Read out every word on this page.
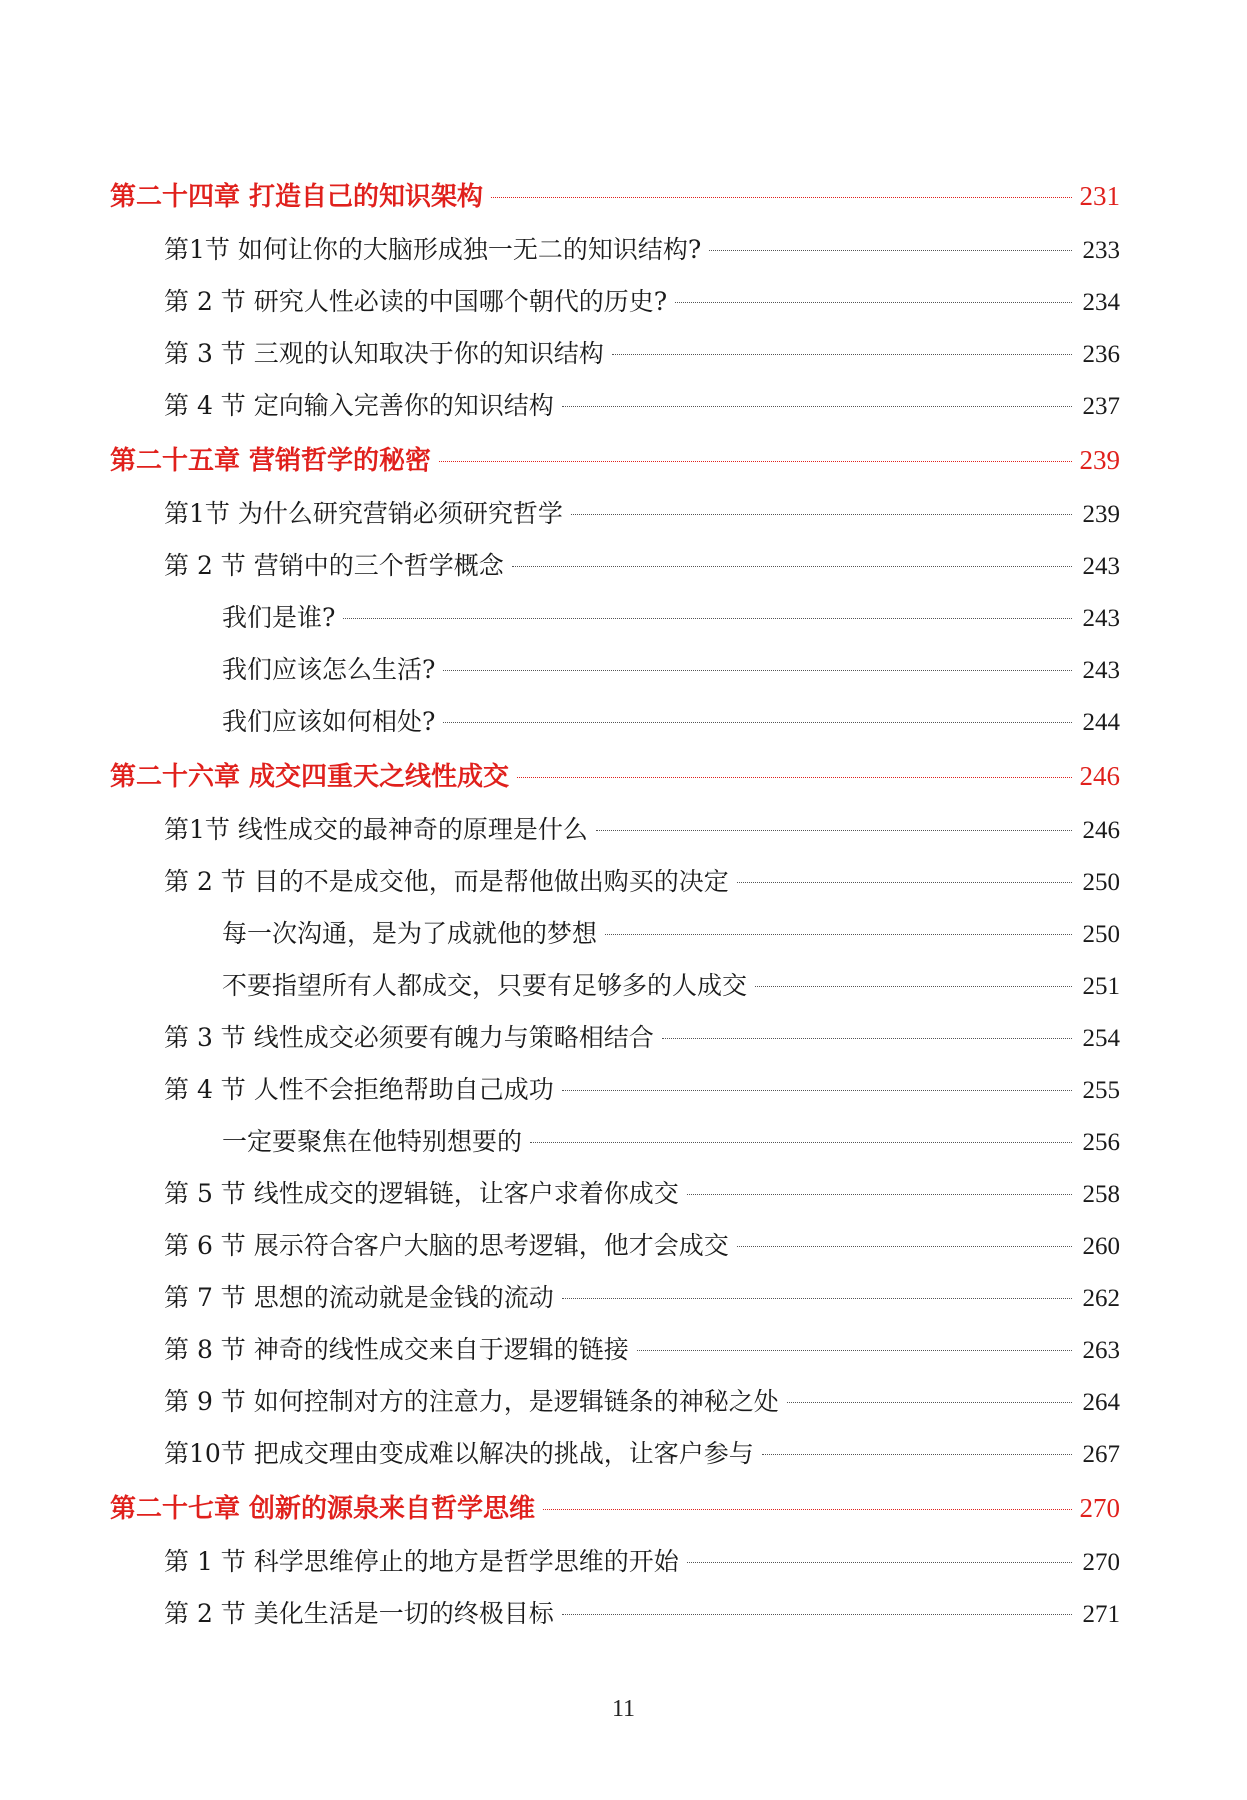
第二十四章 打造自己的知识架构	231
第1节 如何让你的大脑形成独一无二的知识结构?	233
第 2 节 研究人性必读的中国哪个朝代的历史?	234
第 3 节 三观的认知取决于你的知识结构	236
第 4 节 定向输入完善你的知识结构	237
第二十五章 营销哲学的秘密	239
第1节 为什么研究营销必须研究哲学	239
第 2 节 营销中的三个哲学概念	243
我们是谁?	243
我们应该怎么生活?	243
我们应该如何相处?	244
第二十六章 成交四重天之线性成交	246
第1节 线性成交的最神奇的原理是什么	246
第 2 节 目的不是成交他，而是帮他做出购买的决定	250
每一次沟通，是为了成就他的梦想	250
不要指望所有人都成交，只要有足够多的人成交	251
第 3 节 线性成交必须要有魄力与策略相结合	254
第 4 节 人性不会拒绝帮助自己成功	255
一定要聚焦在他特别想要的	256
第 5 节 线性成交的逻辑链，让客户求着你成交	258
第 6 节 展示符合客户大脑的思考逻辑，他才会成交	260
第 7 节 思想的流动就是金钱的流动	262
第 8 节 神奇的线性成交来自于逻辑的链接	263
第 9 节 如何控制对方的注意力，是逻辑链条的神秘之处	264
第10节 把成交理由变成难以解决的挑战，让客户参与	267
第二十七章 创新的源泉来自哲学思维	270
第 1 节 科学思维停止的地方是哲学思维的开始	270
第 2 节 美化生活是一切的终极目标	271
11
